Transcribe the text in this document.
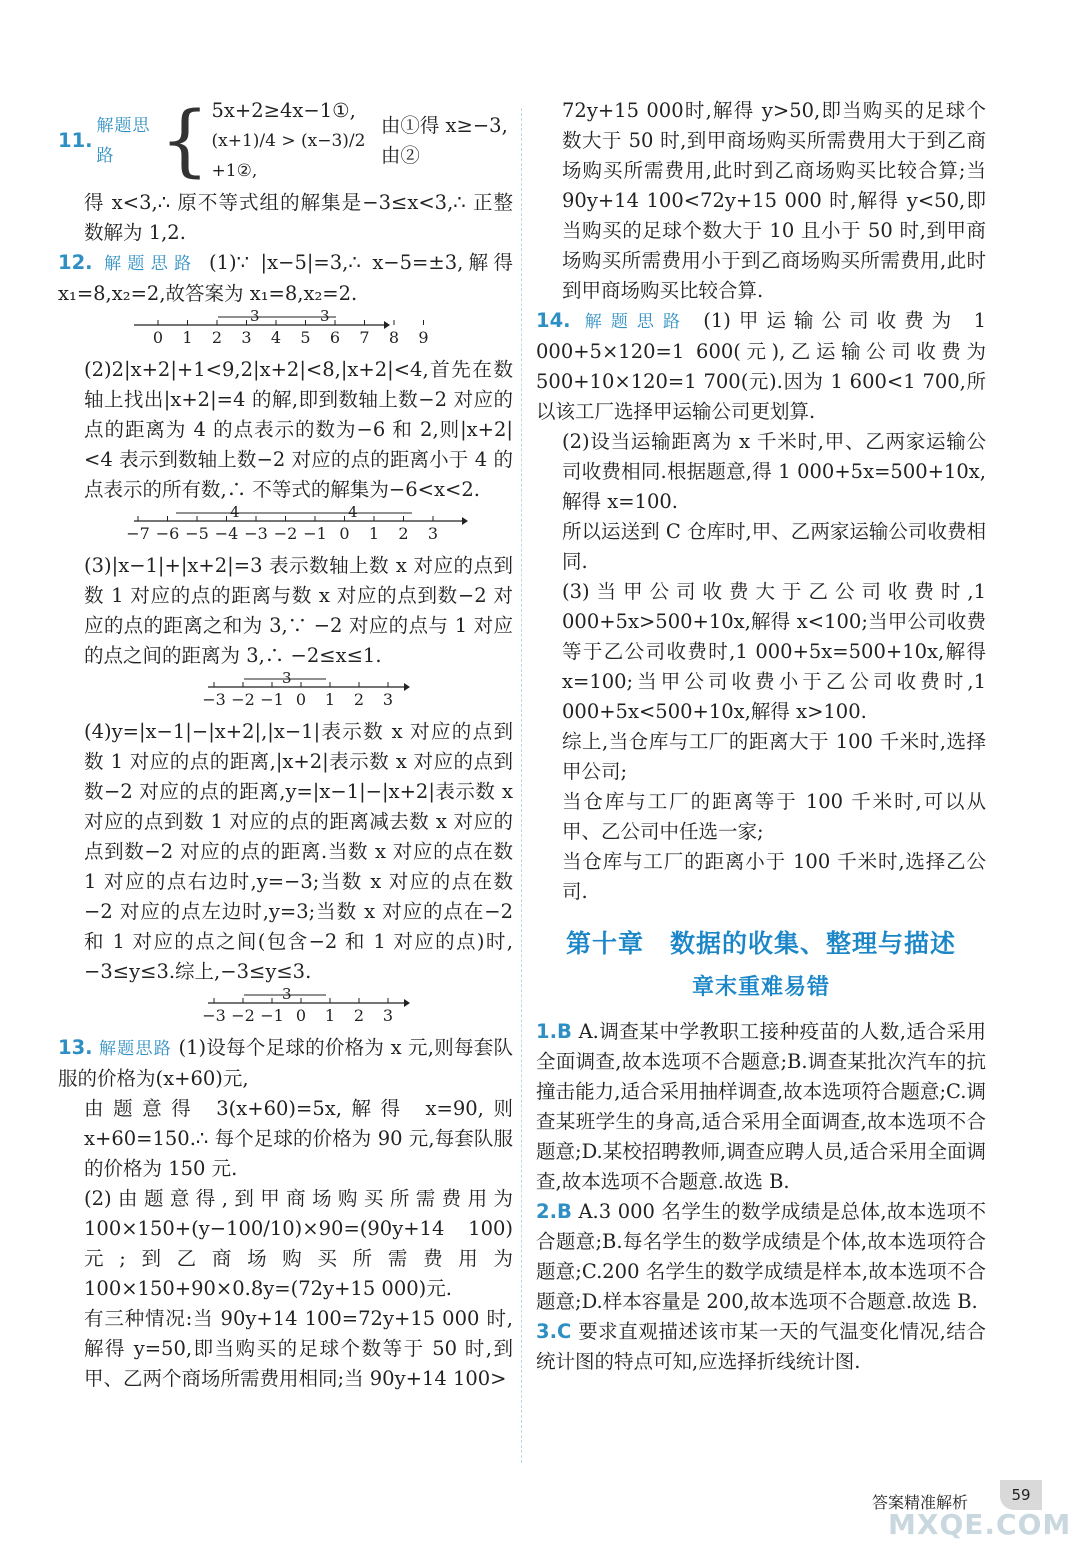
11.
解题思路 { 5x+2≥4x−1①,
(x+1)/4 > (x−3)/2 +1②,
由①得 x≥−3,由②

得 x<3,∴ 原不等式组的解集是−3≤x<3,∴ 正整数解为 1,2.

12. 解题思路 (1)∵ |x−5|=3,∴ x−5=±3,解得 x₁=8,x₂=2,故答案为 x₁=8,x₂=2.

3	3
0 1 2 3 4 5 6 7 8 9

(2)2|x+2|+1<9,2|x+2|<8,|x+2|<4,首先在数轴上找出|x+2|=4 的解,即到数轴上数−2 对应的点的距离为 4 的点表示的数为−6 和 2,则|x+2|<4 表示到数轴上数−2 对应的点的距离小于 4 的点表示的所有数,∴ 不等式的解集为−6<x<2.

4	4
−7 −6 −5 −4 −3 −2 −1 0 1 2 3

(3)|x−1|+|x+2|=3 表示数轴上数 x 对应的点到数 1 对应的点的距离与数 x 对应的点到数−2 对应的点的距离之和为 3,∵ −2 对应的点与 1 对应的点之间的距离为 3,∴ −2≤x≤1.

3
−3 −2 −1 0 1 2 3

(4)y=|x−1|−|x+2|,|x−1|表示数 x 对应的点到数 1 对应的点的距离,|x+2|表示数 x 对应的点到数−2 对应的点的距离,y=|x−1|−|x+2|表示数 x 对应的点到数 1 对应的点的距离减去数 x 对应的点到数−2 对应的点的距离.当数 x 对应的点在数 1 对应的点右边时,y=−3;当数 x 对应的点在数−2 对应的点左边时,y=3;当数 x 对应的点在−2 和 1 对应的点之间(包含−2 和 1 对应的点)时,−3≤y≤3.综上,−3≤y≤3.

3
−3 −2 −1 0 1 2 3

13. 解题思路 (1)设每个足球的价格为 x 元,则每套队服的价格为(x+60)元,

由题意得 3(x+60)=5x,解得 x=90,则 x+60=150.∴ 每个足球的价格为 90 元,每套队服的价格为 150 元.

(2)由题意得,到甲商场购买所需费用为 100×150+(y−100/10)×90=(90y+14 100)元;到乙商场购买所需费用为 100×150+90×0.8y=(72y+15 000)元.

有三种情况:当 90y+14 100=72y+15 000 时,解得 y=50,即当购买的足球个数等于 50 时,到甲、乙两个商场所需费用相同;当 90y+14 100>

72y+15 000时,解得 y>50,即当购买的足球个数大于 50 时,到甲商场购买所需费用大于到乙商场购买所需费用,此时到乙商场购买比较合算;当 90y+14 100<72y+15 000 时,解得 y<50,即当购买的足球个数大于 10 且小于 50 时,到甲商场购买所需费用小于到乙商场购买所需费用,此时到甲商场购买比较合算.

14. 解题思路 (1)甲运输公司收费为 1 000+5×120=1 600(元),乙运输公司收费为 500+10×120=1 700(元).因为 1 600<1 700,所以该工厂选择甲运输公司更划算.

(2)设当运输距离为 x 千米时,甲、乙两家运输公司收费相同.根据题意,得 1 000+5x=500+10x,解得 x=100.

所以运送到 C 仓库时,甲、乙两家运输公司收费相同.

(3)当甲公司收费大于乙公司收费时,1 000+5x>500+10x,解得 x<100;当甲公司收费等于乙公司收费时,1 000+5x=500+10x,解得 x=100;当甲公司收费小于乙公司收费时,1 000+5x<500+10x,解得 x>100.

综上,当仓库与工厂的距离大于 100 千米时,选择甲公司;

当仓库与工厂的距离等于 100 千米时,可以从甲、乙公司中任选一家;

当仓库与工厂的距离小于 100 千米时,选择乙公司.

第十章　数据的收集、整理与描述
章末重难易错

1.B A.调查某中学教职工接种疫苗的人数,适合采用全面调查,故本选项不合题意;B.调查某批次汽车的抗撞击能力,适合采用抽样调查,故本选项符合题意;C.调查某班学生的身高,适合采用全面调查,故本选项不合题意;D.某校招聘教师,调查应聘人员,适合采用全面调查,故本选项不合题意.故选 B.

2.B A.3 000 名学生的数学成绩是总体,故本选项不合题意;B.每名学生的数学成绩是个体,故本选项符合题意;C.200 名学生的数学成绩是样本,故本选项不合题意;D.样本容量是 200,故本选项不合题意.故选 B.

3.C 要求直观描述该市某一天的气温变化情况,结合统计图的特点可知,应选择折线统计图.

答案精准解析	59
MXQE.COM
